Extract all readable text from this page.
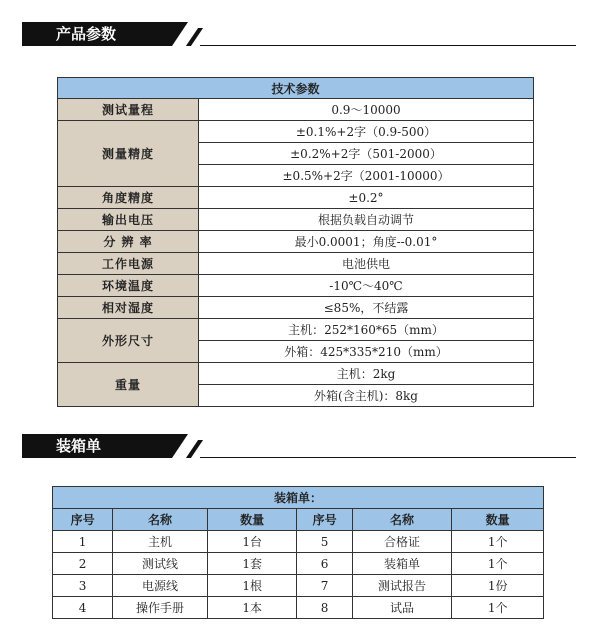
产品参数
技术参数	
测试量程	0.9～10000
测量精度	±0.1%+2字（0.9-500）
	±0.2%+2字（501-2000）
	±0.5%+2字（2001-10000）
角度精度	±0.2°
输出电压	根据负载自动调节
分 辨 率	最小0.0001；角度--0.01°
工作电源	电池供电
环境温度	-10℃～40℃
相对湿度	≤85%，不结露
外形尺寸	主机：252*160*65（mm）
	外箱：425*335*210（mm）
重量	主机：2kg
	外箱(含主机)：8kg
装箱单
装箱单：					
序号	名称	数量	序号	名称	数量
1	主机	1台	5	合格证	1个
2	测试线	1套	6	装箱单	1个
3	电源线	1根	7	测试报告	1份
4	操作手册	1本	8	试品	1个
